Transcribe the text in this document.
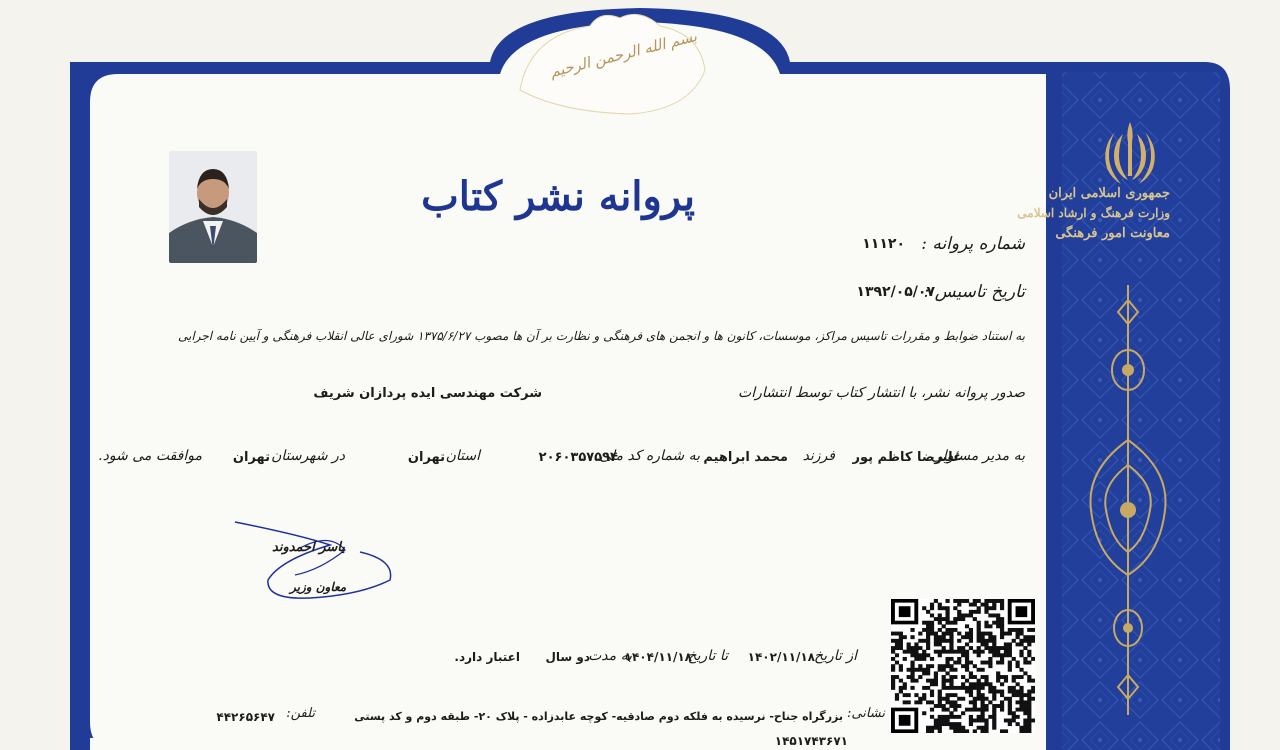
بسم الله الرحمن الرحیم
پروانه نشر کتاب
شماره پروانه :
۱۱۱۲۰
تاریخ تاسیس :
۱۳۹۲/۰۵/۰۷
به استناد ضوابط و مقررات تاسیس مراکز، موسسات، کانون ها و انجمن های فرهنگی و نظارت بر آن ها مصوب ۱۳۷۵/۶/۲۷ شورای عالی انقلاب فرهنگی و آیین نامه اجرایی
صدور پروانه نشر، با انتشار کتاب توسط انتشارات
شرکت مهندسی ایده پردازان شریف
به مدیر مسئولی
علیرضا کاظم پور
فرزند
محمد ابراهیم
به شماره کد ملی
۲۰۶۰۳۵۷۵۹۴
استان
تهران
در شهرستان
تهران
موافقت می شود.
یاسر احمدوند
معاون وزیر
از تاریخ
۱۴۰۲/۱۱/۱۸
تا تاریخ
۱۴۰۴/۱۱/۱۸
به مدت
دو سال
اعتبار دارد.
نشانی:
بزرگراه جناح- نرسیده به فلکه دوم صادقیه- کوچه عابدزاده - پلاک ۲۰- طبقه دوم و کد پستی
۱۴۵۱۷۴۳۶۷۱
تلفن:
۴۴۲۶۵۶۴۷
جمهوری اسلامی ایران
وزارت فرهنگ و ارشاد اسلامی
معاونت امور فرهنگی
